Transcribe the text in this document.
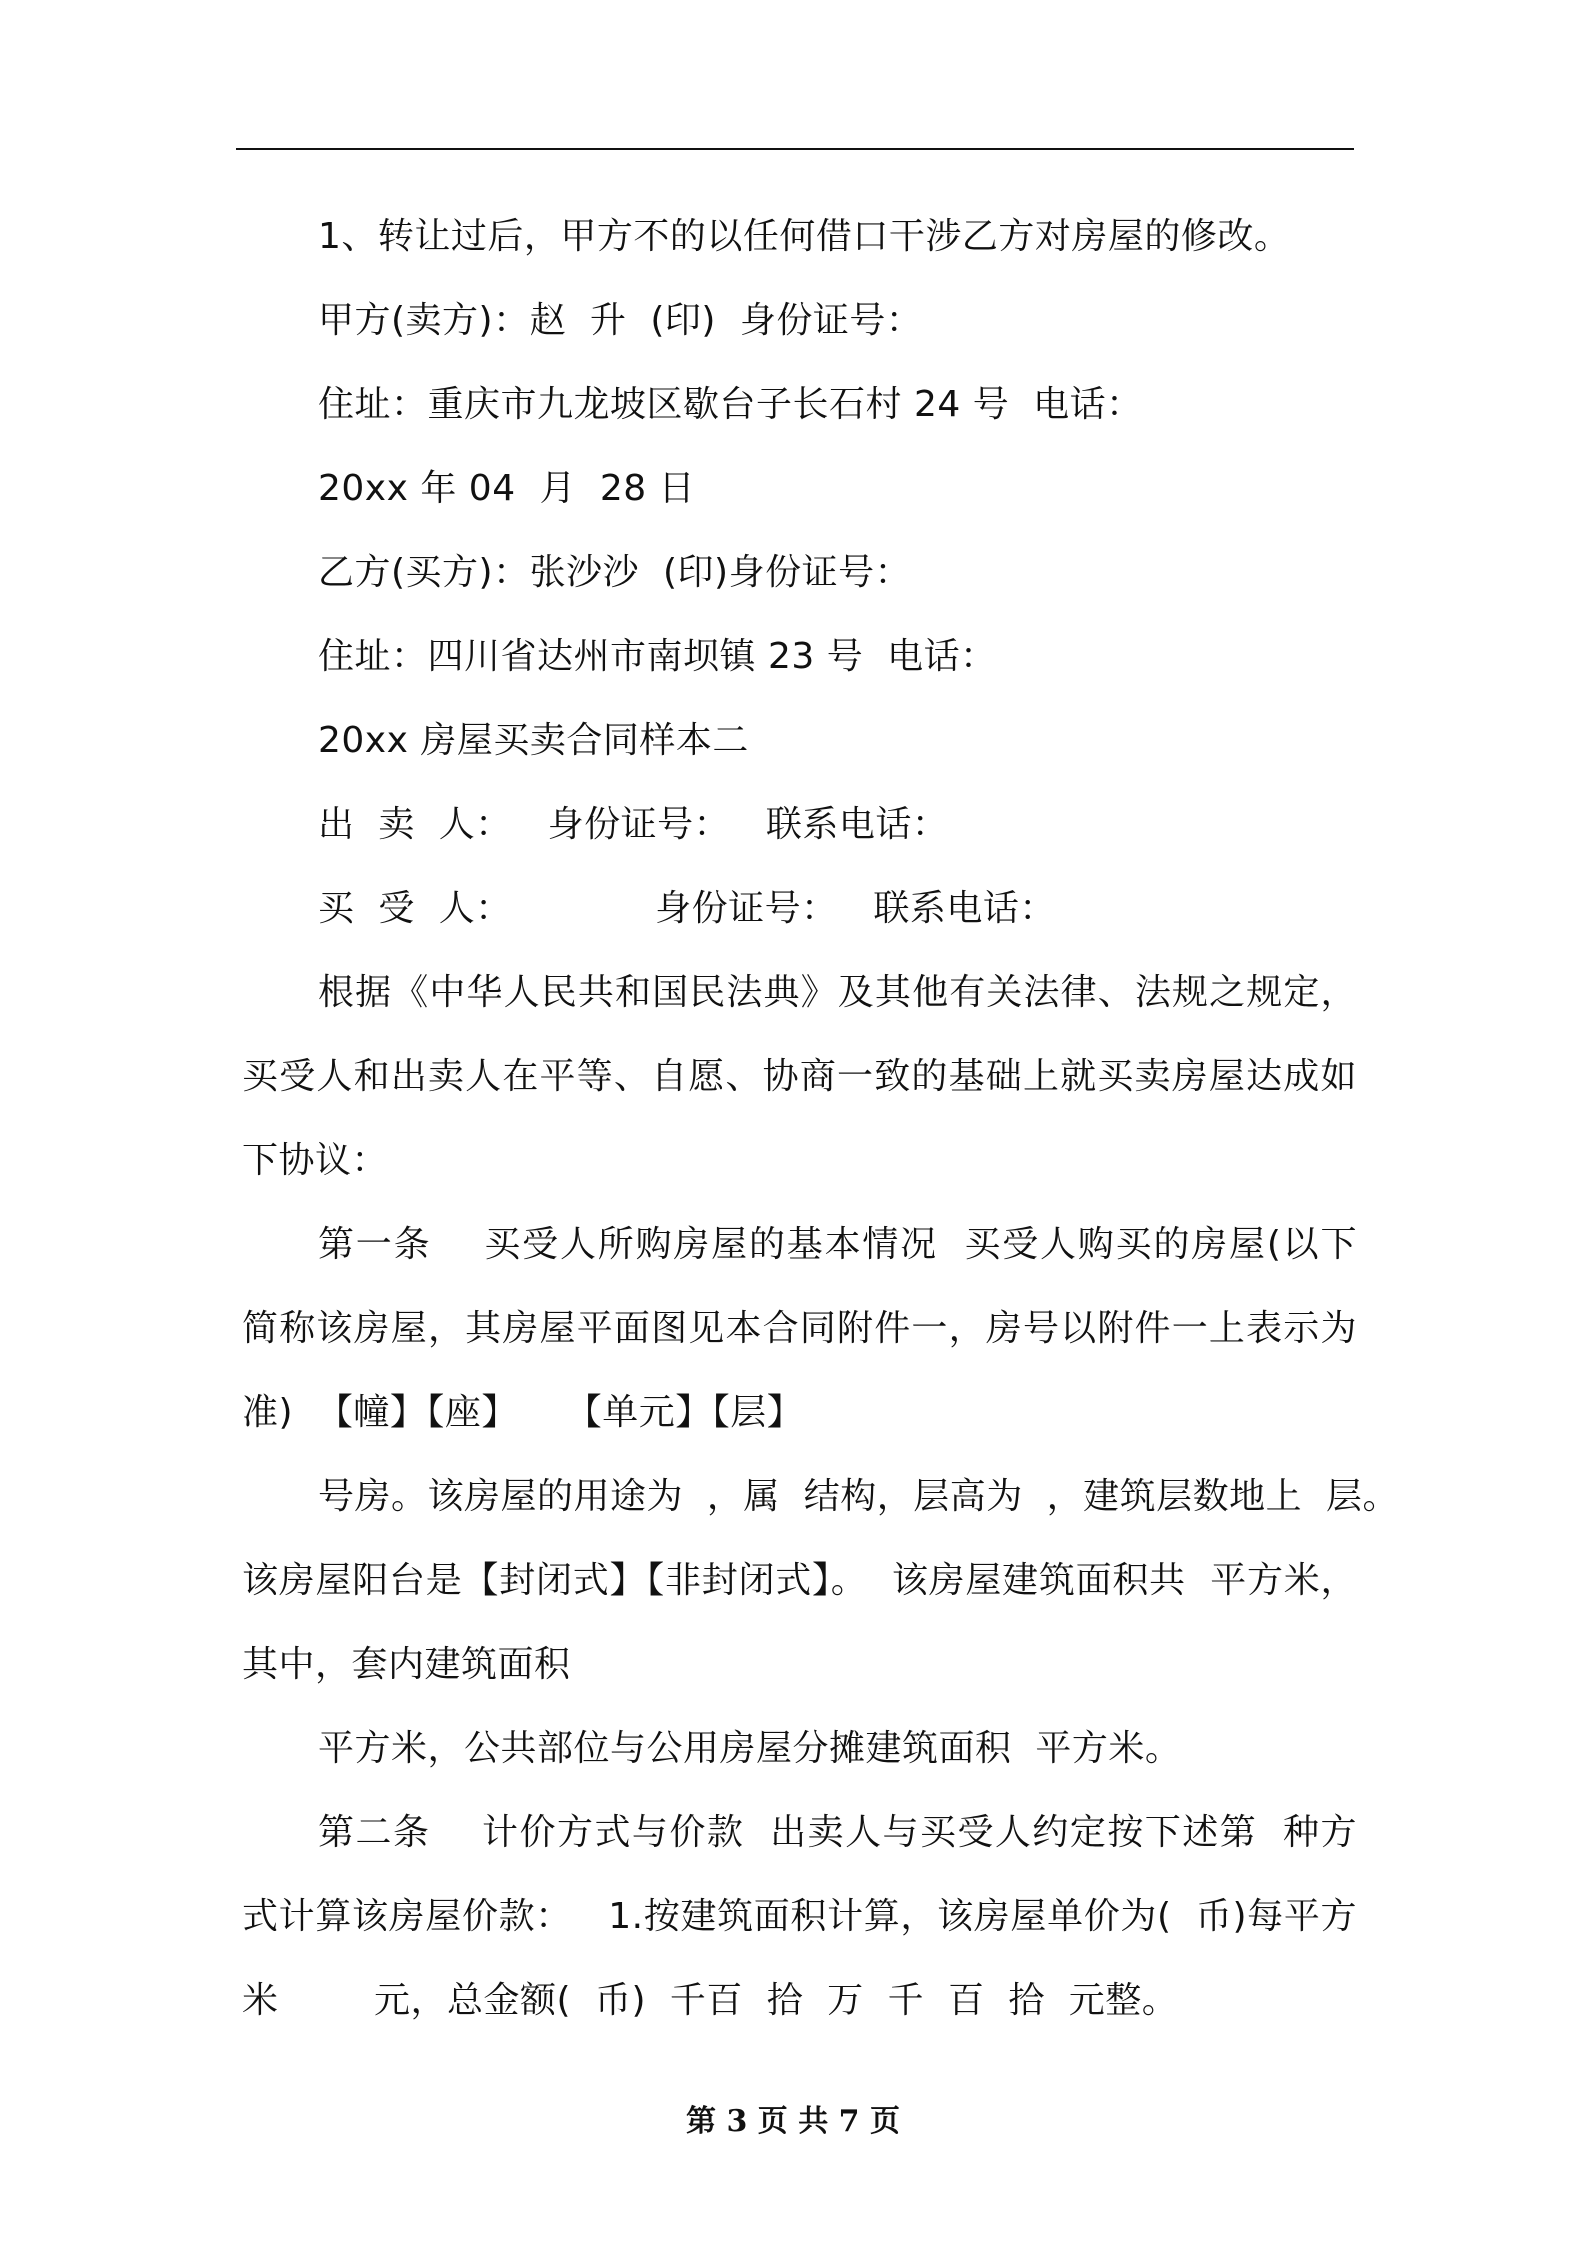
1、转让过后，甲方不的以任何借口干涉乙方对房屋的修改。

甲方(卖方)：赵  升  (印)  身份证号：

住址：重庆市九龙坡区歇台子长石村 24 号  电话：

20xx 年 04  月  28 日

乙方(买方)：张沙沙  (印)身份证号：

住址：四川省达州市南坝镇 23 号  电话：

20xx 房屋买卖合同样本二

出  卖  人：   身份证号：   联系电话：

买  受  人：            身份证号：   联系电话：

根据《中华人民共和国民法典》及其他有关法律、法规之规定，

买受人和出卖人在平等、自愿、协商一致的基础上就买卖房屋达成如

下协议：

第一条    买受人所购房屋的基本情况  买受人购买的房屋(以下

简称该房屋，其房屋平面图见本合同附件一，房号以附件一上表示为

准)  【幢】【座】    【单元】【层】

号房。该房屋的用途为  ，属  结构，层高为  ，建筑层数地上  层。

该房屋阳台是【封闭式】【非封闭式】。  该房屋建筑面积共  平方米，

其中，套内建筑面积

平方米，公共部位与公用房屋分摊建筑面积  平方米。

第二条    计价方式与价款  出卖人与买受人约定按下述第  种方

式计算该房屋价款：   1.按建筑面积计算，该房屋单价为(  币)每平方

米        元，总金额(  币)  千百  拾  万  千  百  拾  元整。

第 3 页 共 7 页
